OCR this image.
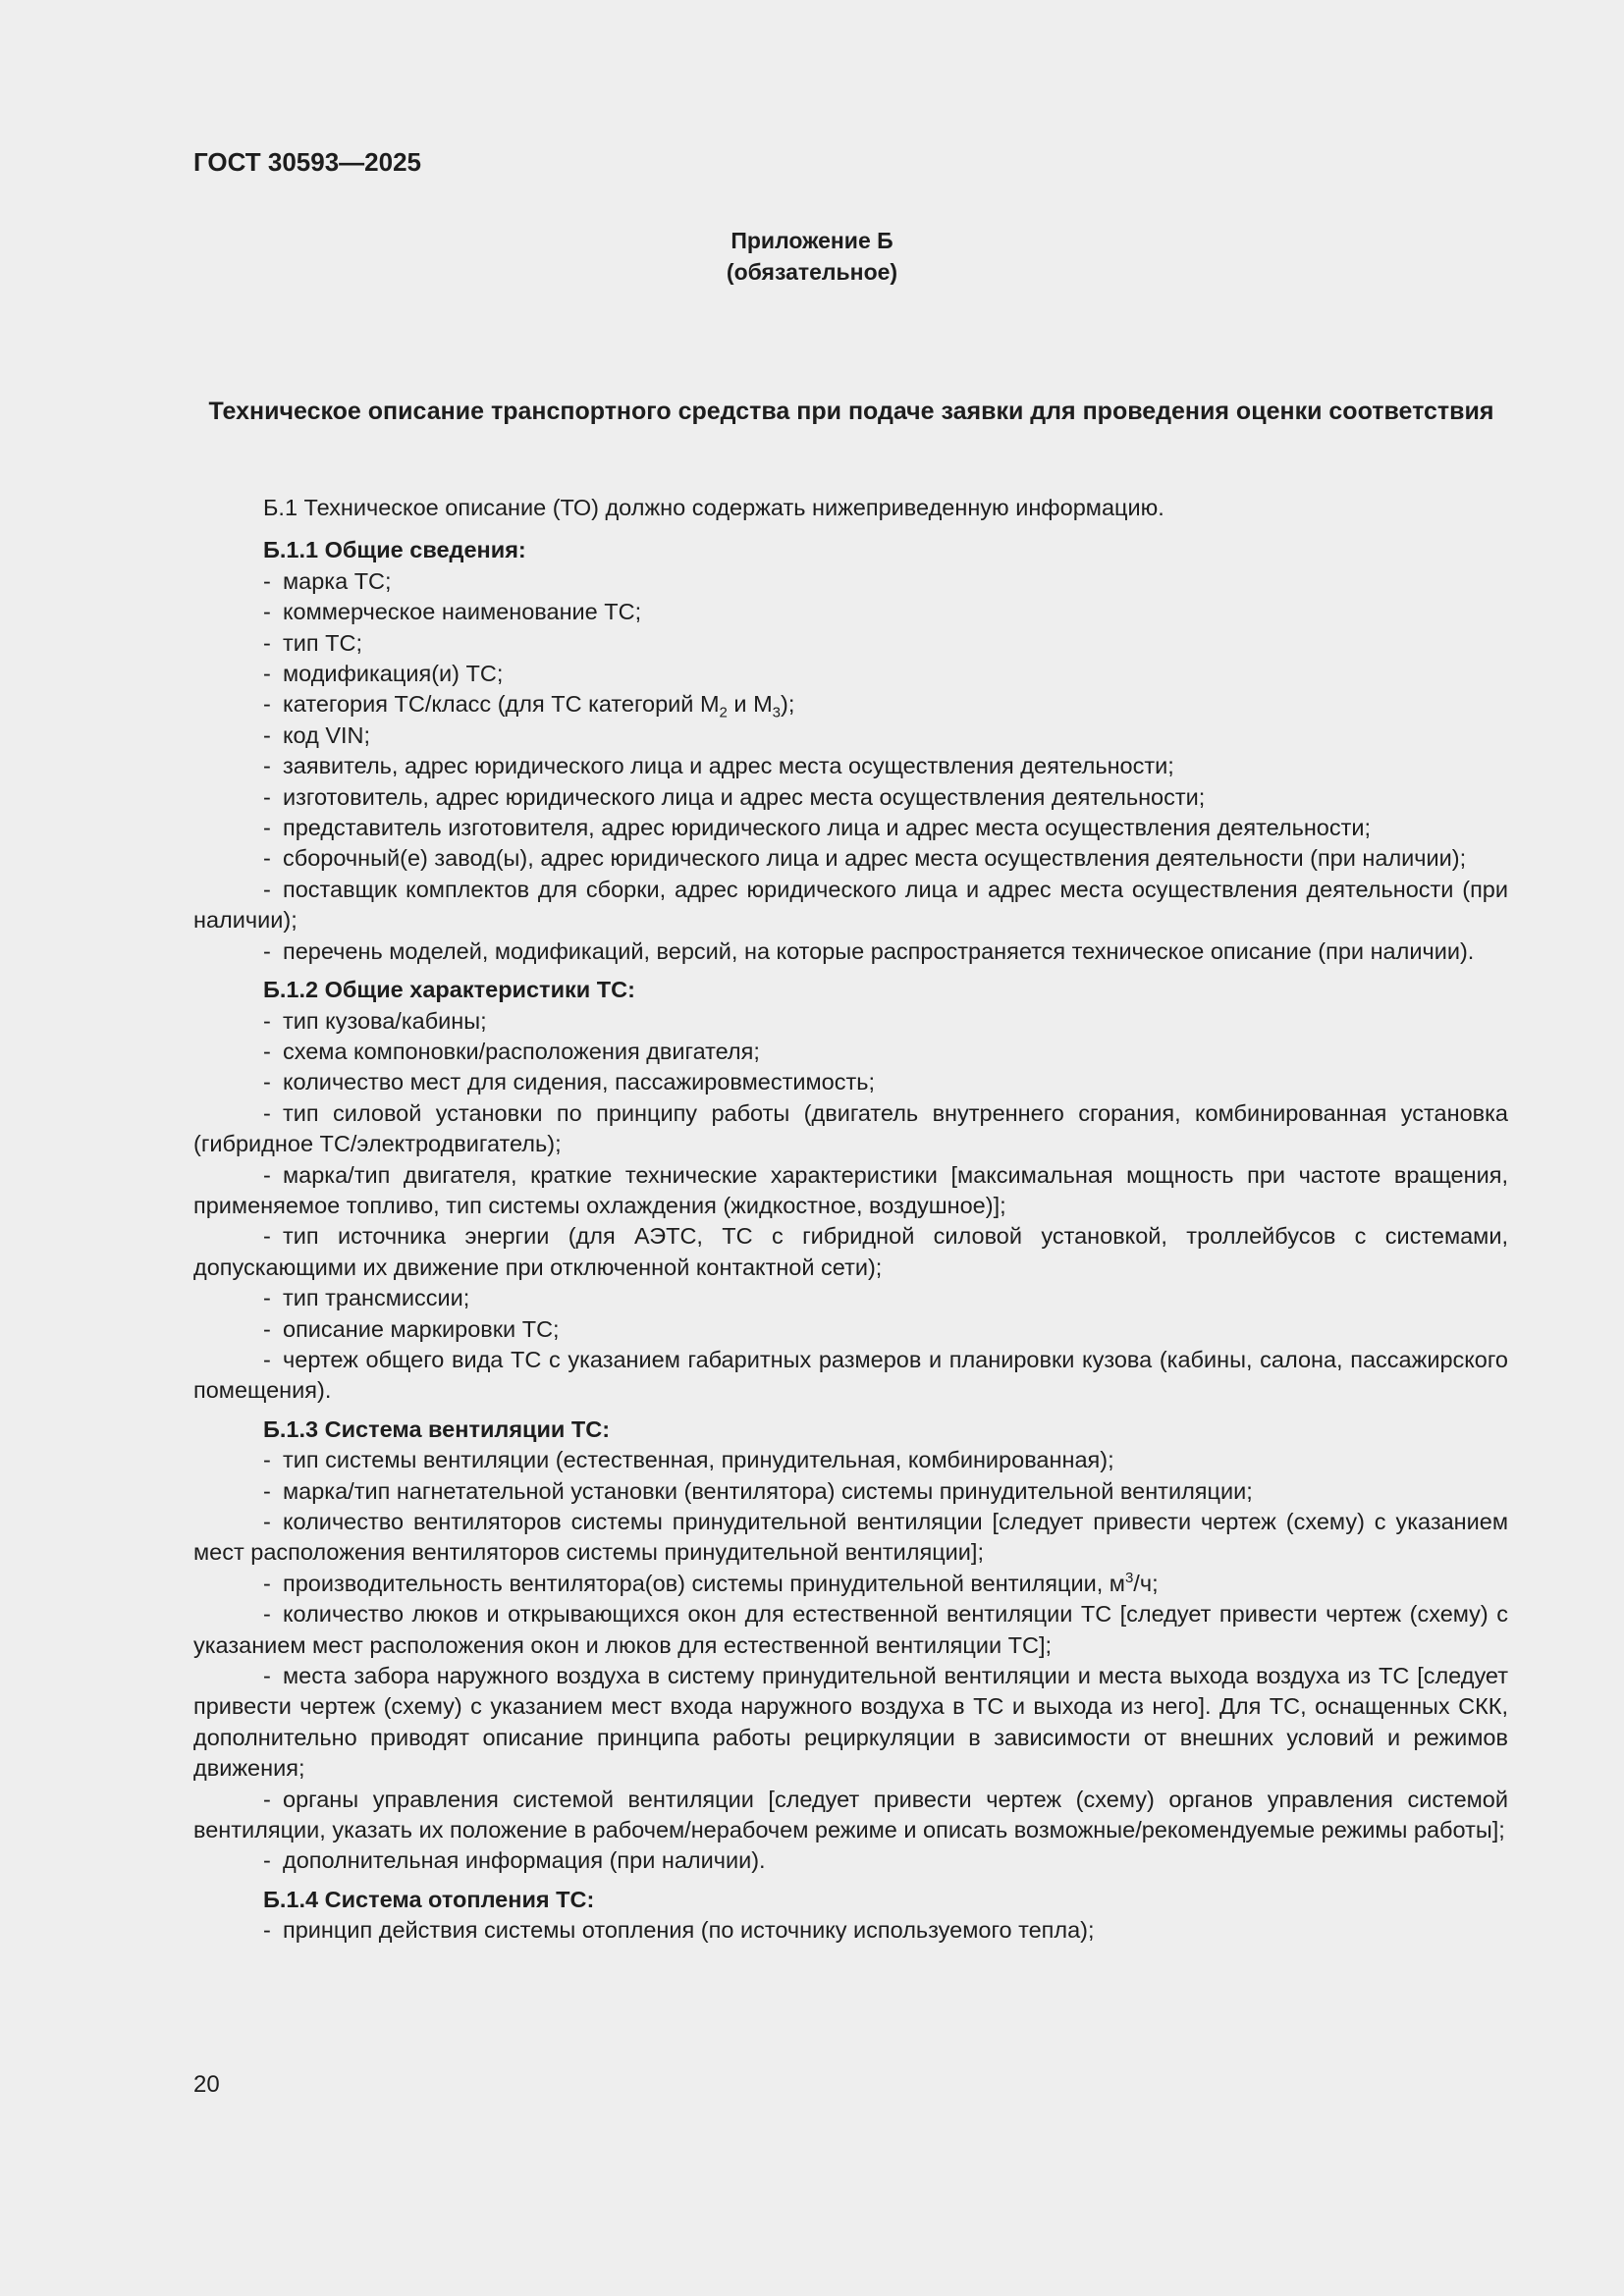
ГОСТ 30593—2025
Приложение Б
(обязательное)
Техническое описание транспортного средства при подаче заявки для проведения оценки соответствия

Б.1 Техническое описание (ТО) должно содержать нижеприведенную информацию.

Б.1.1 Общие сведения:

- марка ТС;

- коммерческое наименование ТС;

- тип ТС;

- модификация(и) ТС;

- категория ТС/класс (для ТС категорий $М_2$ и $М_3$);

- код VIN;

- заявитель, адрес юридического лица и адрес места осуществления деятельности;

- изготовитель, адрес юридического лица и адрес места осуществления деятельности;

- представитель изготовителя, адрес юридического лица и адрес места осуществления деятельности;

- сборочный(е) завод(ы), адрес юридического лица и адрес места осуществления деятельности (при наличии);

- поставщик комплектов для сборки, адрес юридического лица и адрес места осуществления деятельности (при наличии);

- перечень моделей, модификаций, версий, на которые распространяется техническое описание (при наличии).

Б.1.2 Общие характеристики ТС:

- тип кузова/кабины;

- схема компоновки/расположения двигателя;

- количество мест для сидения, пассажировместимость;

- тип силовой установки по принципу работы (двигатель внутреннего сгорания, комбинированная установка (гибридное ТС/электродвигатель);

- марка/тип двигателя, краткие технические характеристики [максимальная мощность при частоте вращения, применяемое топливо, тип системы охлаждения (жидкостное, воздушное)];

- тип источника энергии (для АЭТС, ТС с гибридной силовой установкой, троллейбусов с системами, допускающими их движение при отключенной контактной сети);

- тип трансмиссии;

- описание маркировки ТС;

- чертеж общего вида ТС с указанием габаритных размеров и планировки кузова (кабины, салона, пассажирского помещения).

Б.1.3 Система вентиляции ТС:

- тип системы вентиляции (естественная, принудительная, комбинированная);

- марка/тип нагнетательной установки (вентилятора) системы принудительной вентиляции;

- количество вентиляторов системы принудительной вентиляции [следует привести чертеж (схему) с указанием мест расположения вентиляторов системы принудительной вентиляции];

- производительность вентилятора(ов) системы принудительной вентиляции, $м^3/ч$;

- количество люков и открывающихся окон для естественной вентиляции ТС [следует привести чертеж (схему) с указанием мест расположения окон и люков для естественной вентиляции ТС];

- места забора наружного воздуха в систему принудительной вентиляции и места выхода воздуха из ТС [следует привести чертеж (схему) с указанием мест входа наружного воздуха в ТС и выхода из него]. Для ТС, оснащенных СКК, дополнительно приводят описание принципа работы рециркуляции в зависимости от внешних условий и режимов движения;

- органы управления системой вентиляции [следует привести чертеж (схему) органов управления системой вентиляции, указать их положение в рабочем/нерабочем режиме и описать возможные/рекомендуемые режимы работы];

- дополнительная информация (при наличии).

Б.1.4 Система отопления ТС:

- принцип действия системы отопления (по источнику используемого тепла);

20
